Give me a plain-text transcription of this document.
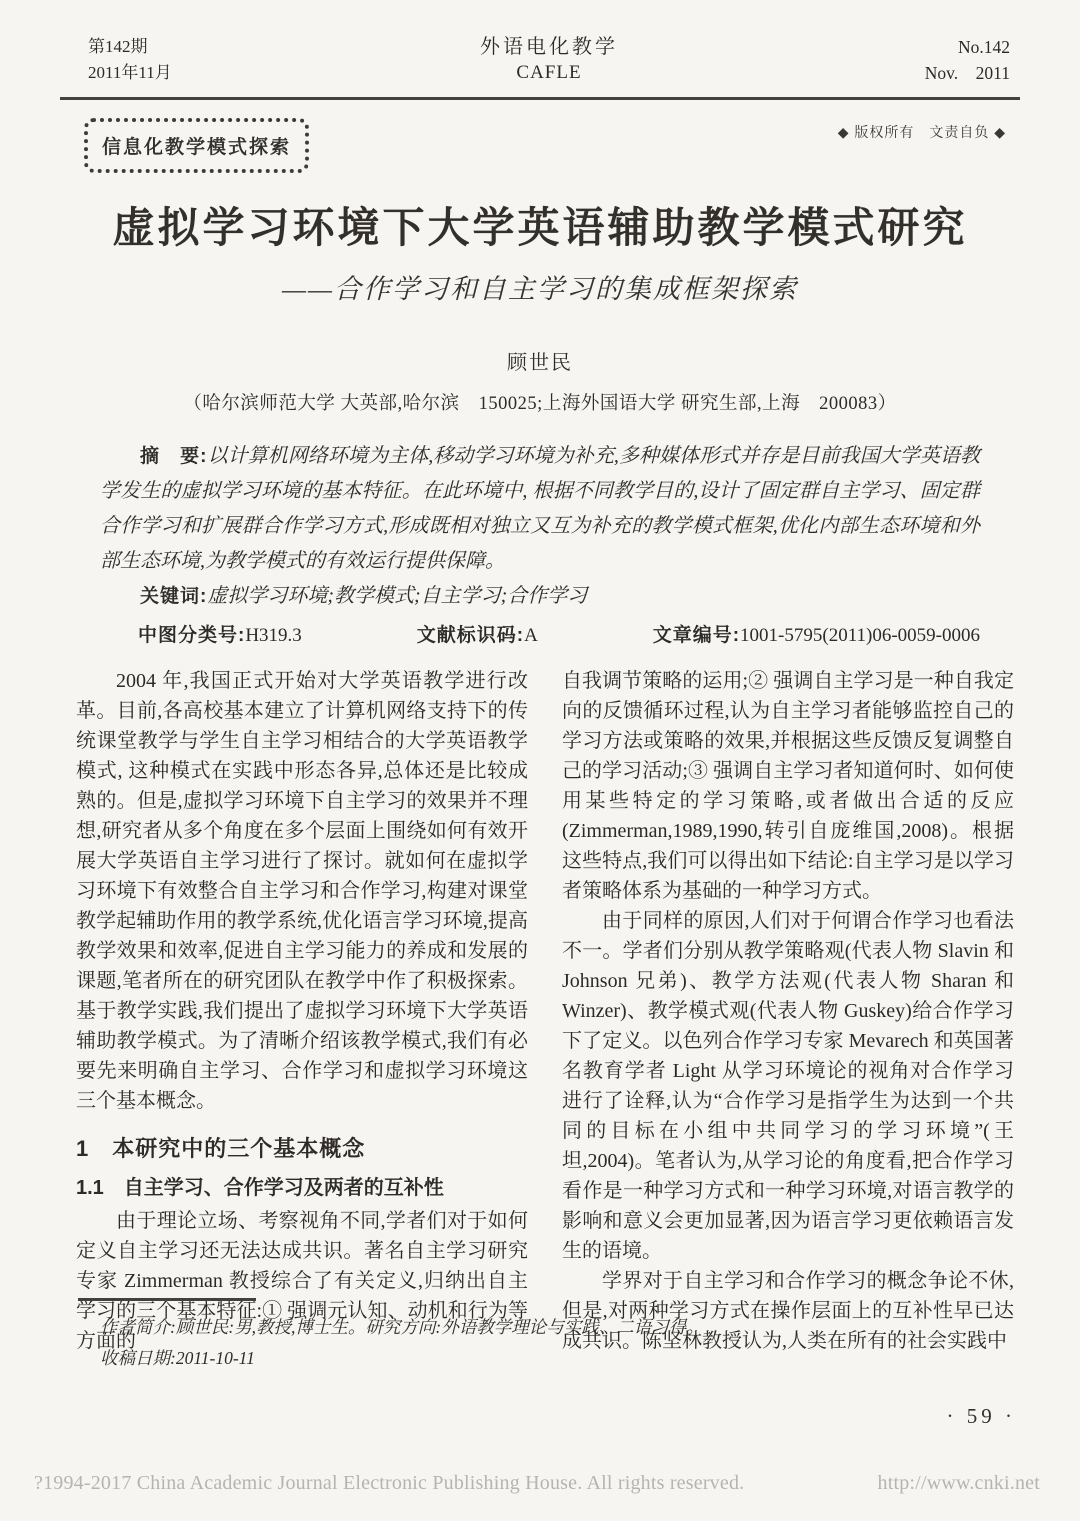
第142期
2011年11月
外语电化教学
CAFLE
No.142
Nov.　2011
信息化教学模式探索
◆ 版权所有　文责自负 ◆
虚拟学习环境下大学英语辅助教学模式研究
——合作学习和自主学习的集成框架探索
顾世民
（哈尔滨师范大学 大英部,哈尔滨　150025;上海外国语大学 研究生部,上海　200083）

摘　要:以计算机网络环境为主体,移动学习环境为补充,多种媒体形式并存是目前我国大学英语教学发生的虚拟学习环境的基本特征。在此环境中, 根据不同教学目的,设计了固定群自主学习、固定群合作学习和扩展群合作学习方式,形成既相对独立又互为补充的教学模式框架,优化内部生态环境和外部生态环境,为教学模式的有效运行提供保障。

关键词:虚拟学习环境;教学模式;自主学习;合作学习

中图分类号:H319.3	文献标识码:A	文章编号:1001-5795(2011)06-0059-0006

2004 年,我国正式开始对大学英语教学进行改革。目前,各高校基本建立了计算机网络支持下的传统课堂教学与学生自主学习相结合的大学英语教学模式, 这种模式在实践中形态各异,总体还是比较成熟的。但是,虚拟学习环境下自主学习的效果并不理想,研究者从多个角度在多个层面上围绕如何有效开展大学英语自主学习进行了探讨。就如何在虚拟学习环境下有效整合自主学习和合作学习,构建对课堂教学起辅助作用的教学系统,优化语言学习环境,提高教学效果和效率,促进自主学习能力的养成和发展的课题,笔者所在的研究团队在教学中作了积极探索。基于教学实践,我们提出了虚拟学习环境下大学英语辅助教学模式。为了清晰介绍该教学模式,我们有必要先来明确自主学习、合作学习和虚拟学习环境这三个基本概念。

1　本研究中的三个基本概念
1.1　自主学习、合作学习及两者的互补性

由于理论立场、考察视角不同,学者们对于如何定义自主学习还无法达成共识。著名自主学习研究专家 Zimmerman 教授综合了有关定义,归纳出自主学习的三个基本特征:① 强调元认知、动机和行为等方面的

自我调节策略的运用;② 强调自主学习是一种自我定向的反馈循环过程,认为自主学习者能够监控自己的学习方法或策略的效果,并根据这些反馈反复调整自己的学习活动;③ 强调自主学习者知道何时、如何使用某些特定的学习策略,或者做出合适的反应(Zimmerman,1989,1990,转引自庞维国,2008)。根据这些特点,我们可以得出如下结论:自主学习是以学习者策略体系为基础的一种学习方式。

由于同样的原因,人们对于何谓合作学习也看法不一。学者们分别从教学策略观(代表人物 Slavin 和 Johnson 兄弟)、教学方法观(代表人物 Sharan 和 Winzer)、教学模式观(代表人物 Guskey)给合作学习下了定义。以色列合作学习专家 Mevarech 和英国著名教育学者 Light 从学习环境论的视角对合作学习进行了诠释,认为“合作学习是指学生为达到一个共同的目标在小组中共同学习的学习环境”(王坦,2004)。笔者认为,从学习论的角度看,把合作学习看作是一种学习方式和一种学习环境,对语言教学的影响和意义会更加显著,因为语言学习更依赖语言发生的语境。

学界对于自主学习和合作学习的概念争论不休,但是,对两种学习方式在操作层面上的互补性早已达成共识。陈坚林教授认为,人类在所有的社会实践中

作者简介:顾世民:男,教授,博士生。研究方向:外语教学理论与实践、二语习得。
收稿日期:2011-10-11
· 59 ·
?1994-2017 China Academic Journal Electronic Publishing House. All rights reserved.	http://www.cnki.net
